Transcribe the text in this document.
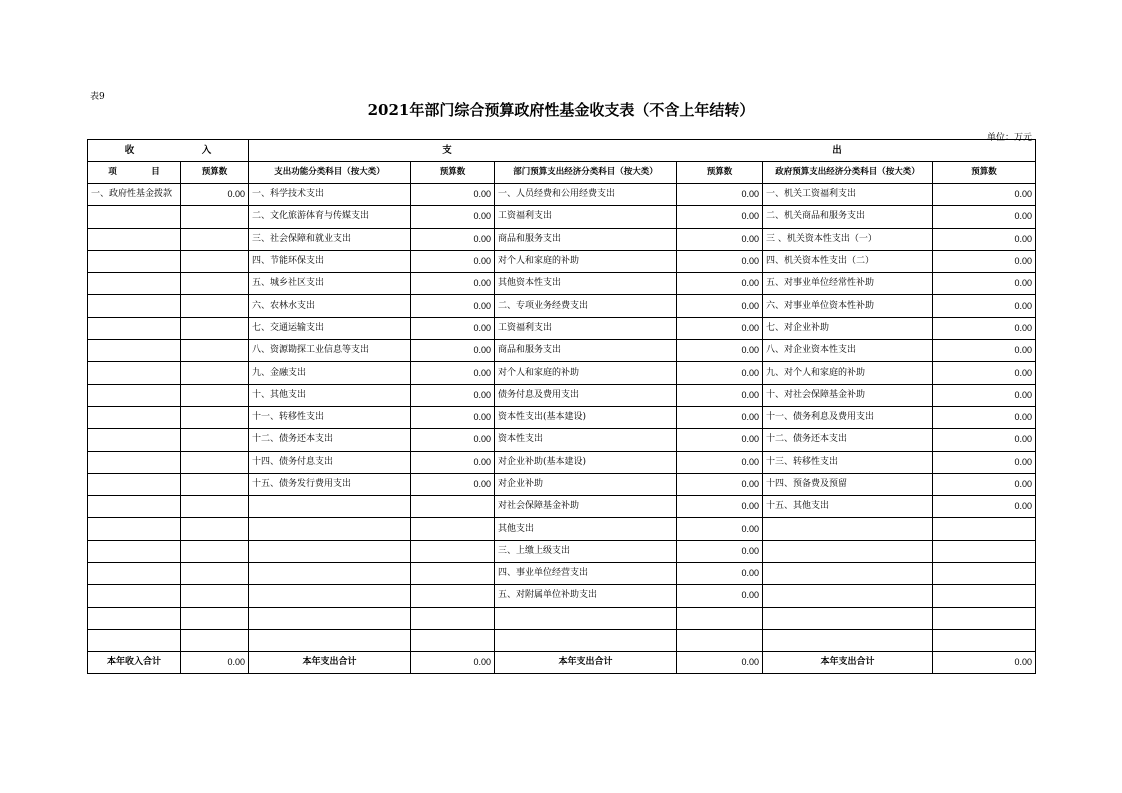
表9
2021年部门综合预算政府性基金收支表（不含上年结转）
单位：万元
收 入		支 出					

项 目	预算数	支出功能分类科目（按大类）	预算数	部门预算支出经济分类科目（按大类）	预算数	政府预算支出经济分类科目（按大类）	预算数
一、政府性基金拨款	0.00	一、科学技术支出	0.00	一、人员经费和公用经费支出	0.00	一、机关工资福利支出	0.00
		二、文化旅游体育与传媒支出	0.00	工资福利支出	0.00	二、机关商品和服务支出	0.00
		三、社会保障和就业支出	0.00	商品和服务支出	0.00	三 、机关资本性支出（一）	0.00
		四、节能环保支出	0.00	对个人和家庭的补助	0.00	四、机关资本性支出（二）	0.00
		五、城乡社区支出	0.00	其他资本性支出	0.00	五、对事业单位经常性补助	0.00
		六、农林水支出	0.00	二、专项业务经费支出	0.00	六、对事业单位资本性补助	0.00
		七、交通运输支出	0.00	工资福利支出	0.00	七、对企业补助	0.00
		八、资源勘探工业信息等支出	0.00	商品和服务支出	0.00	八、对企业资本性支出	0.00
		九、金融支出	0.00	对个人和家庭的补助	0.00	九、对个人和家庭的补助	0.00
		十、其他支出	0.00	债务付息及费用支出	0.00	十、对社会保障基金补助	0.00
		十一、转移性支出	0.00	资本性支出(基本建设)	0.00	十一、债务利息及费用支出	0.00
		十二、债务还本支出	0.00	资本性支出	0.00	十二、债务还本支出	0.00
		十四、债务付息支出	0.00	对企业补助(基本建设)	0.00	十三、转移性支出	0.00
		十五、债务发行费用支出	0.00	对企业补助	0.00	十四、预备费及预留	0.00
				对社会保障基金补助	0.00	十五、其他支出	0.00
				其他支出	0.00		
				三、上缴上级支出	0.00		
				四、事业单位经营支出	0.00		
				五、对附属单位补助支出	0.00		

本年收入合计	0.00	本年支出合计	0.00	本年支出合计	0.00	本年支出合计	0.00
